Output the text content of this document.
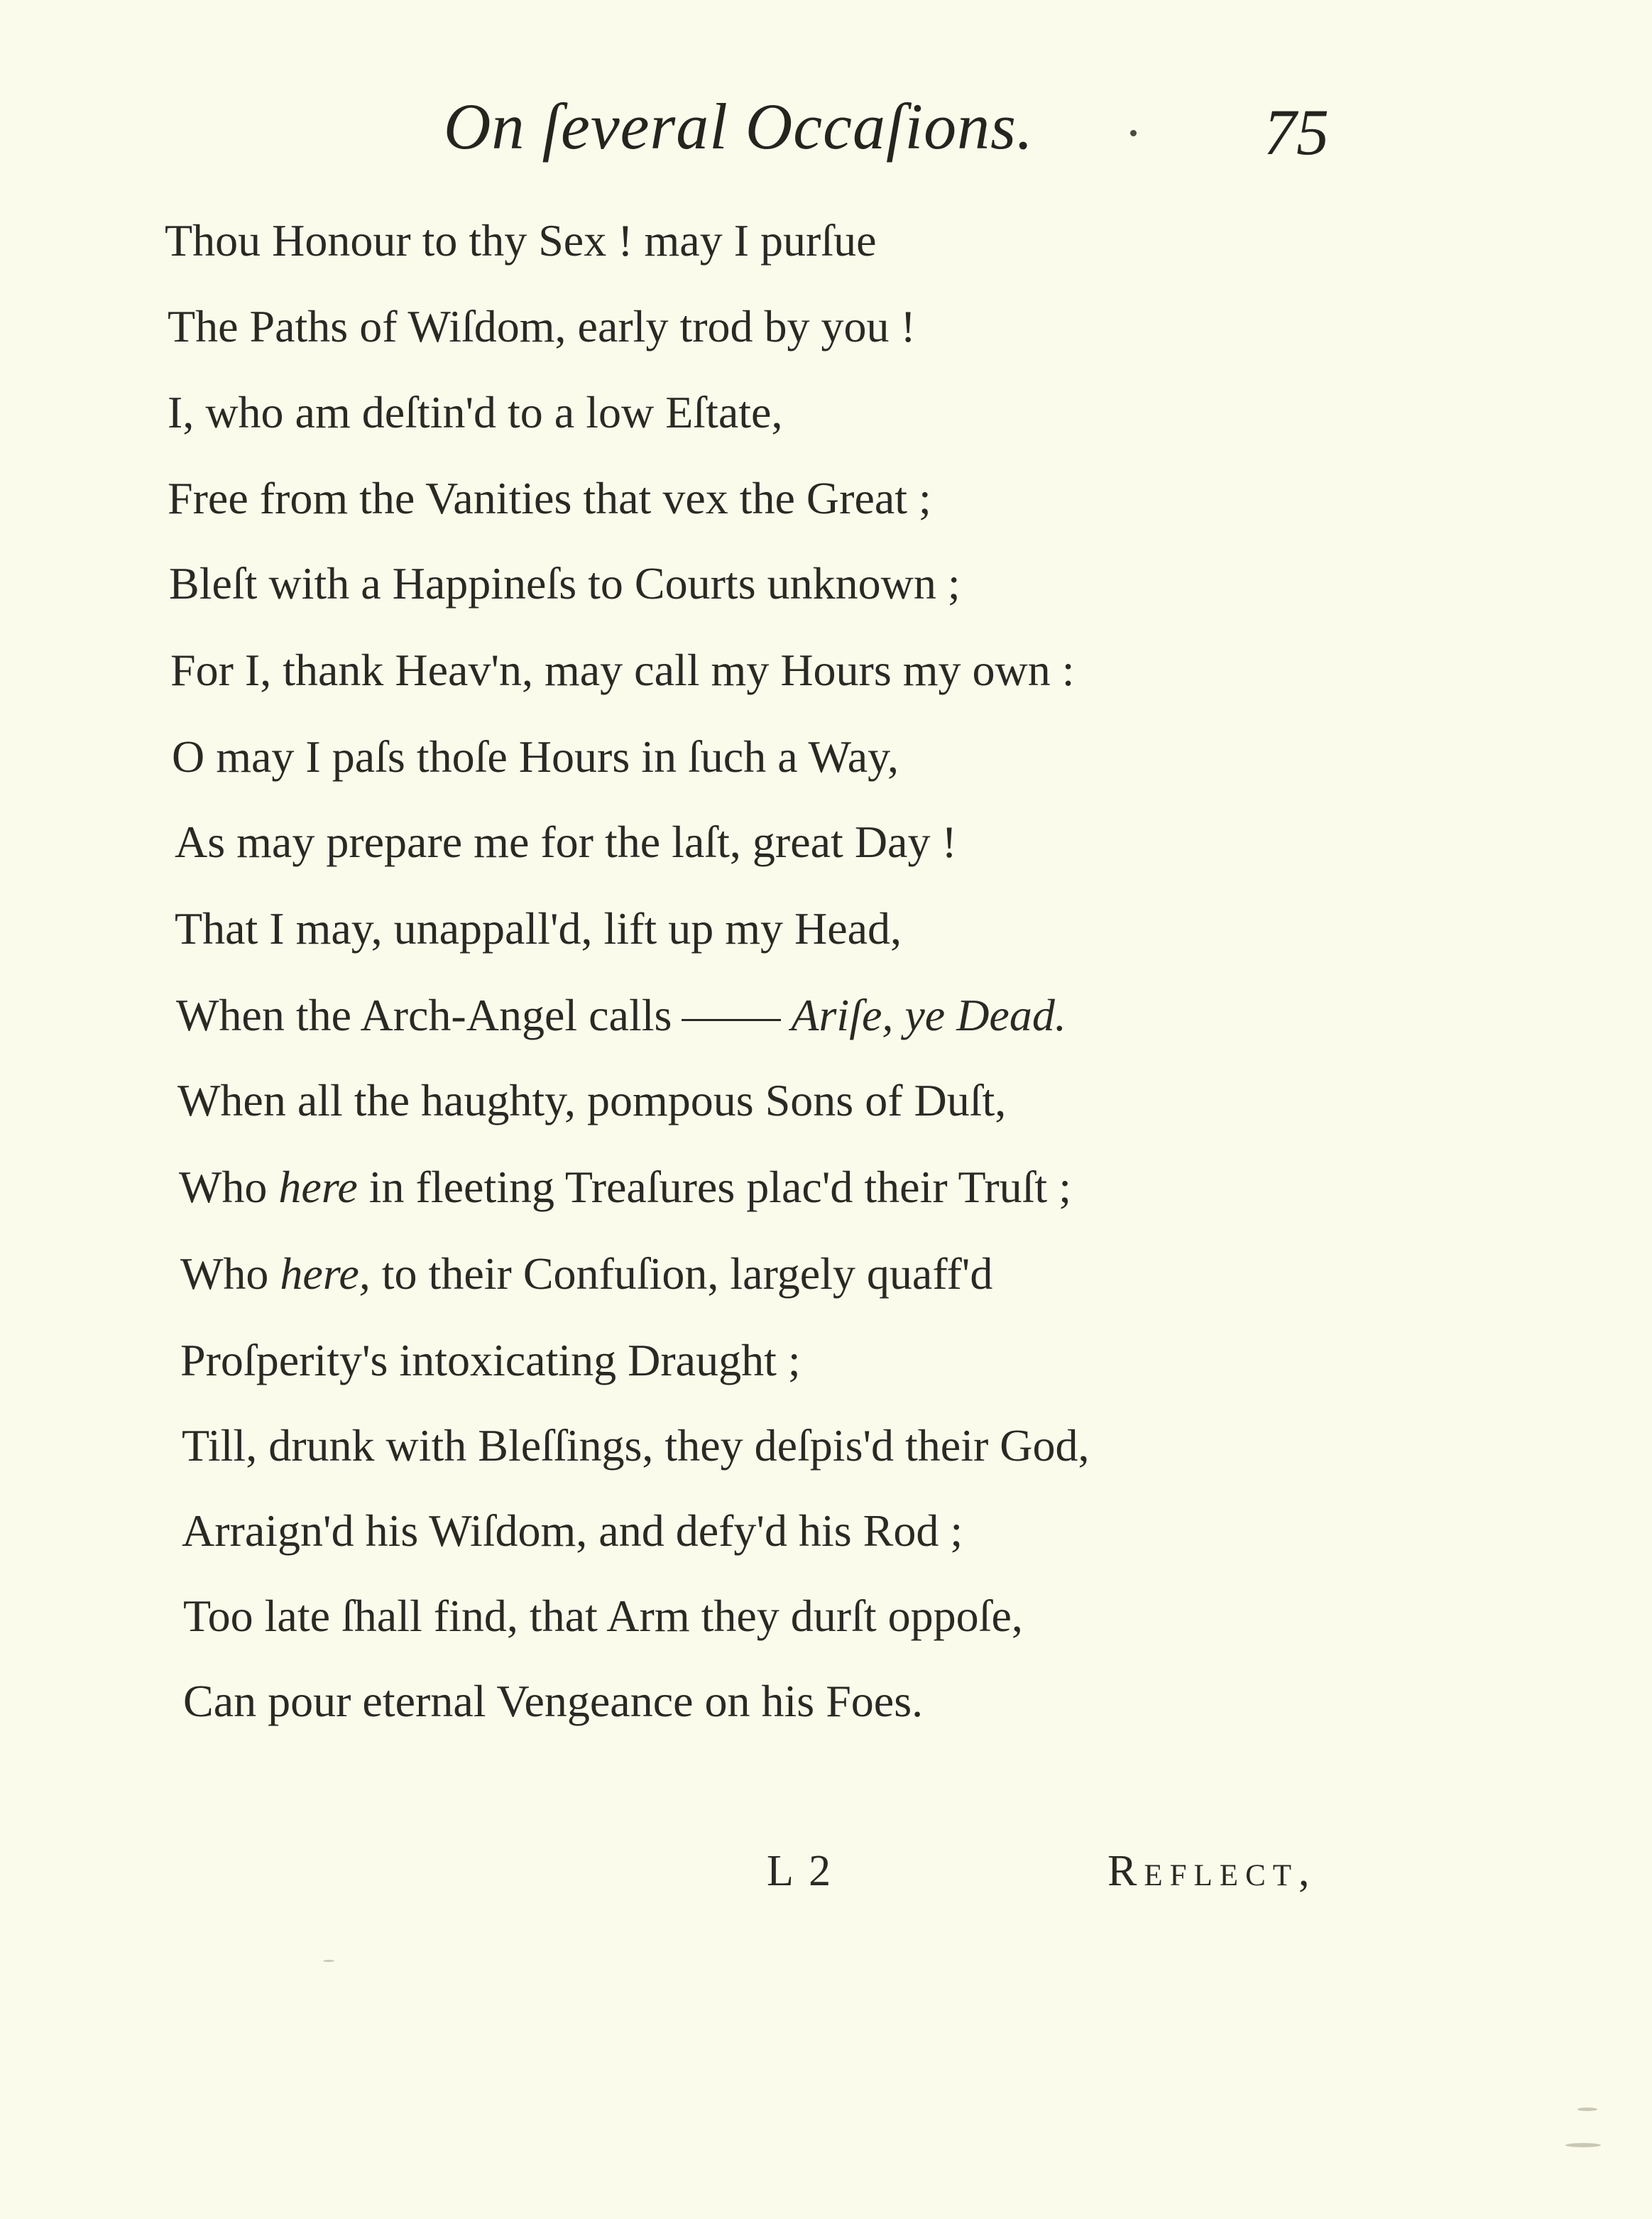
On ſeveral Occaſions.	75
Thou Honour to thy Sex ! may I purſue
The Paths of Wiſdom, early trod by you !
I, who am deſtin'd to a low Eſtate,
Free from the Vanities that vex the Great ;
Bleſt with a Happineſs to Courts unknown ;
For I, thank Heav'n, may call my Hours my own :
O may I paſs thoſe Hours in ſuch a Way,
As may prepare me for the laſt, great Day !
That I may, unappall'd, lift up my Head,
When the Arch-Angel calls	Ariſe, ye Dead.
When all the haughty, pompous Sons of Duſt,
Who here in fleeting Treaſures plac'd their Truſt ;
Who here, to their Confuſion, largely quaff'd
Proſperity's intoxicating Draught ;
Till, drunk with Bleſſings, they deſpis'd their God,
Arraign'd his Wiſdom, and defy'd his Rod ;
Too late ſhall find, that Arm they durſt oppoſe,
Can pour eternal Vengeance on his Foes.
L 2	Reflect,
